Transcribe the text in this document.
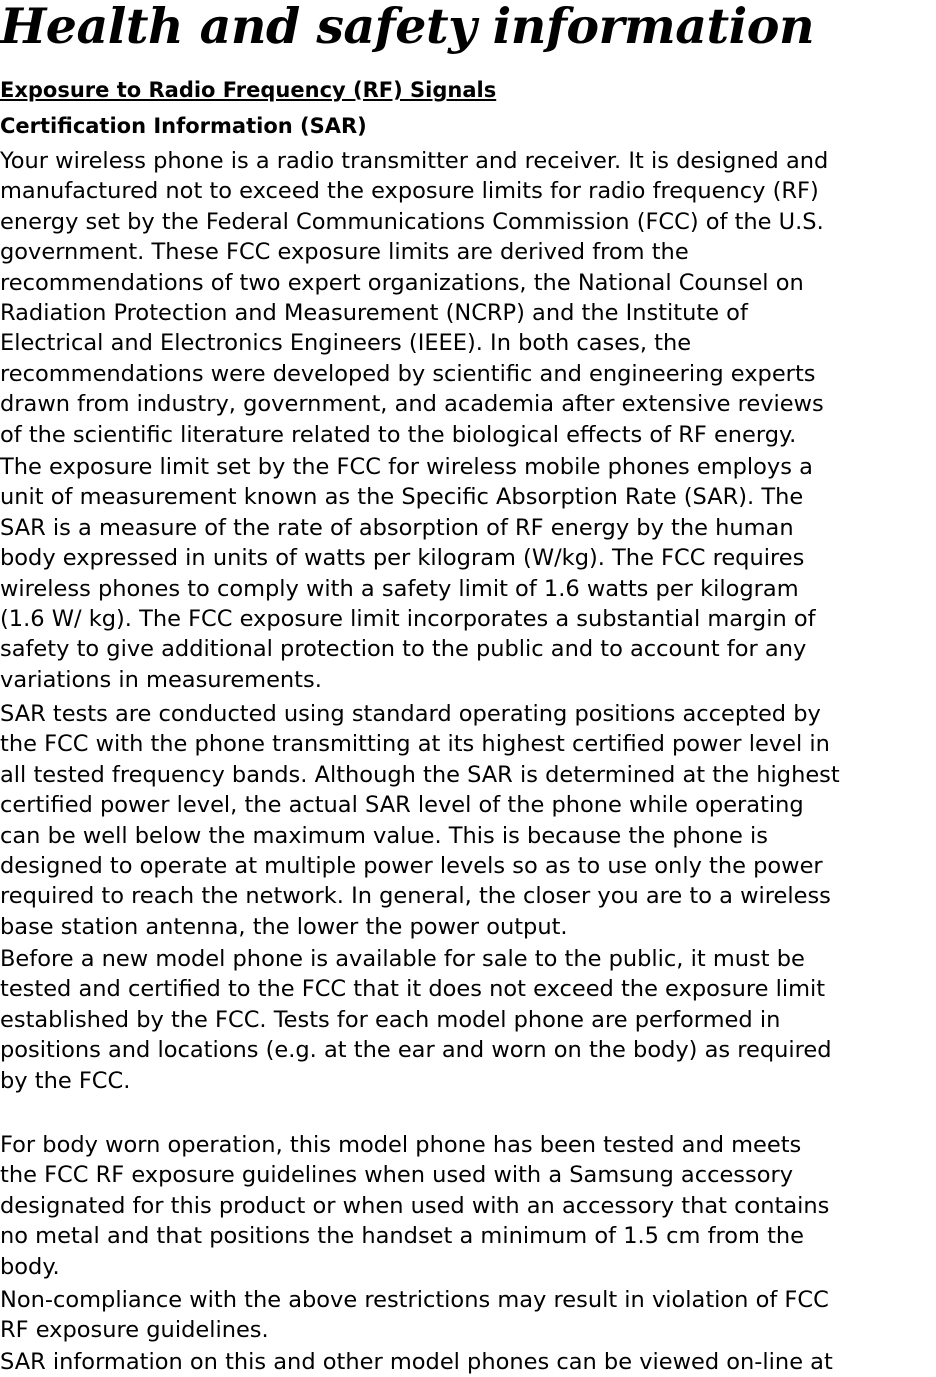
Health and safety information
Exposure to Radio Frequency (RF) Signals
Certification Information (SAR)
Your wireless phone is a radio transmitter and receiver. It is designed and
manufactured not to exceed the exposure limits for radio frequency (RF)
energy set by the Federal Communications Commission (FCC) of the U.S.
government. These FCC exposure limits are derived from the
recommendations of two expert organizations, the National Counsel on
Radiation Protection and Measurement (NCRP) and the Institute of
Electrical and Electronics Engineers (IEEE). In both cases, the
recommendations were developed by scientific and engineering experts
drawn from industry, government, and academia after extensive reviews
of the scientific literature related to the biological effects of RF energy.
The exposure limit set by the FCC for wireless mobile phones employs a
unit of measurement known as the Specific Absorption Rate (SAR). The
SAR is a measure of the rate of absorption of RF energy by the human
body expressed in units of watts per kilogram (W/kg). The FCC requires
wireless phones to comply with a safety limit of 1.6 watts per kilogram
(1.6 W/ kg). The FCC exposure limit incorporates a substantial margin of
safety to give additional protection to the public and to account for any
variations in measurements.
SAR tests are conducted using standard operating positions accepted by
the FCC with the phone transmitting at its highest certified power level in
all tested frequency bands. Although the SAR is determined at the highest
certified power level, the actual SAR level of the phone while operating
can be well below the maximum value. This is because the phone is
designed to operate at multiple power levels so as to use only the power
required to reach the network. In general, the closer you are to a wireless
base station antenna, the lower the power output.
Before a new model phone is available for sale to the public, it must be
tested and certified to the FCC that it does not exceed the exposure limit
established by the FCC. Tests for each model phone are performed in
positions and locations (e.g. at the ear and worn on the body) as required
by the FCC.
For body worn operation, this model phone has been tested and meets
the FCC RF exposure guidelines when used with a Samsung accessory
designated for this product or when used with an accessory that contains
no metal and that positions the handset a minimum of 1.5 cm from the
body.
Non-compliance with the above restrictions may result in violation of FCC
RF exposure guidelines.
SAR information on this and other model phones can be viewed on-line at
